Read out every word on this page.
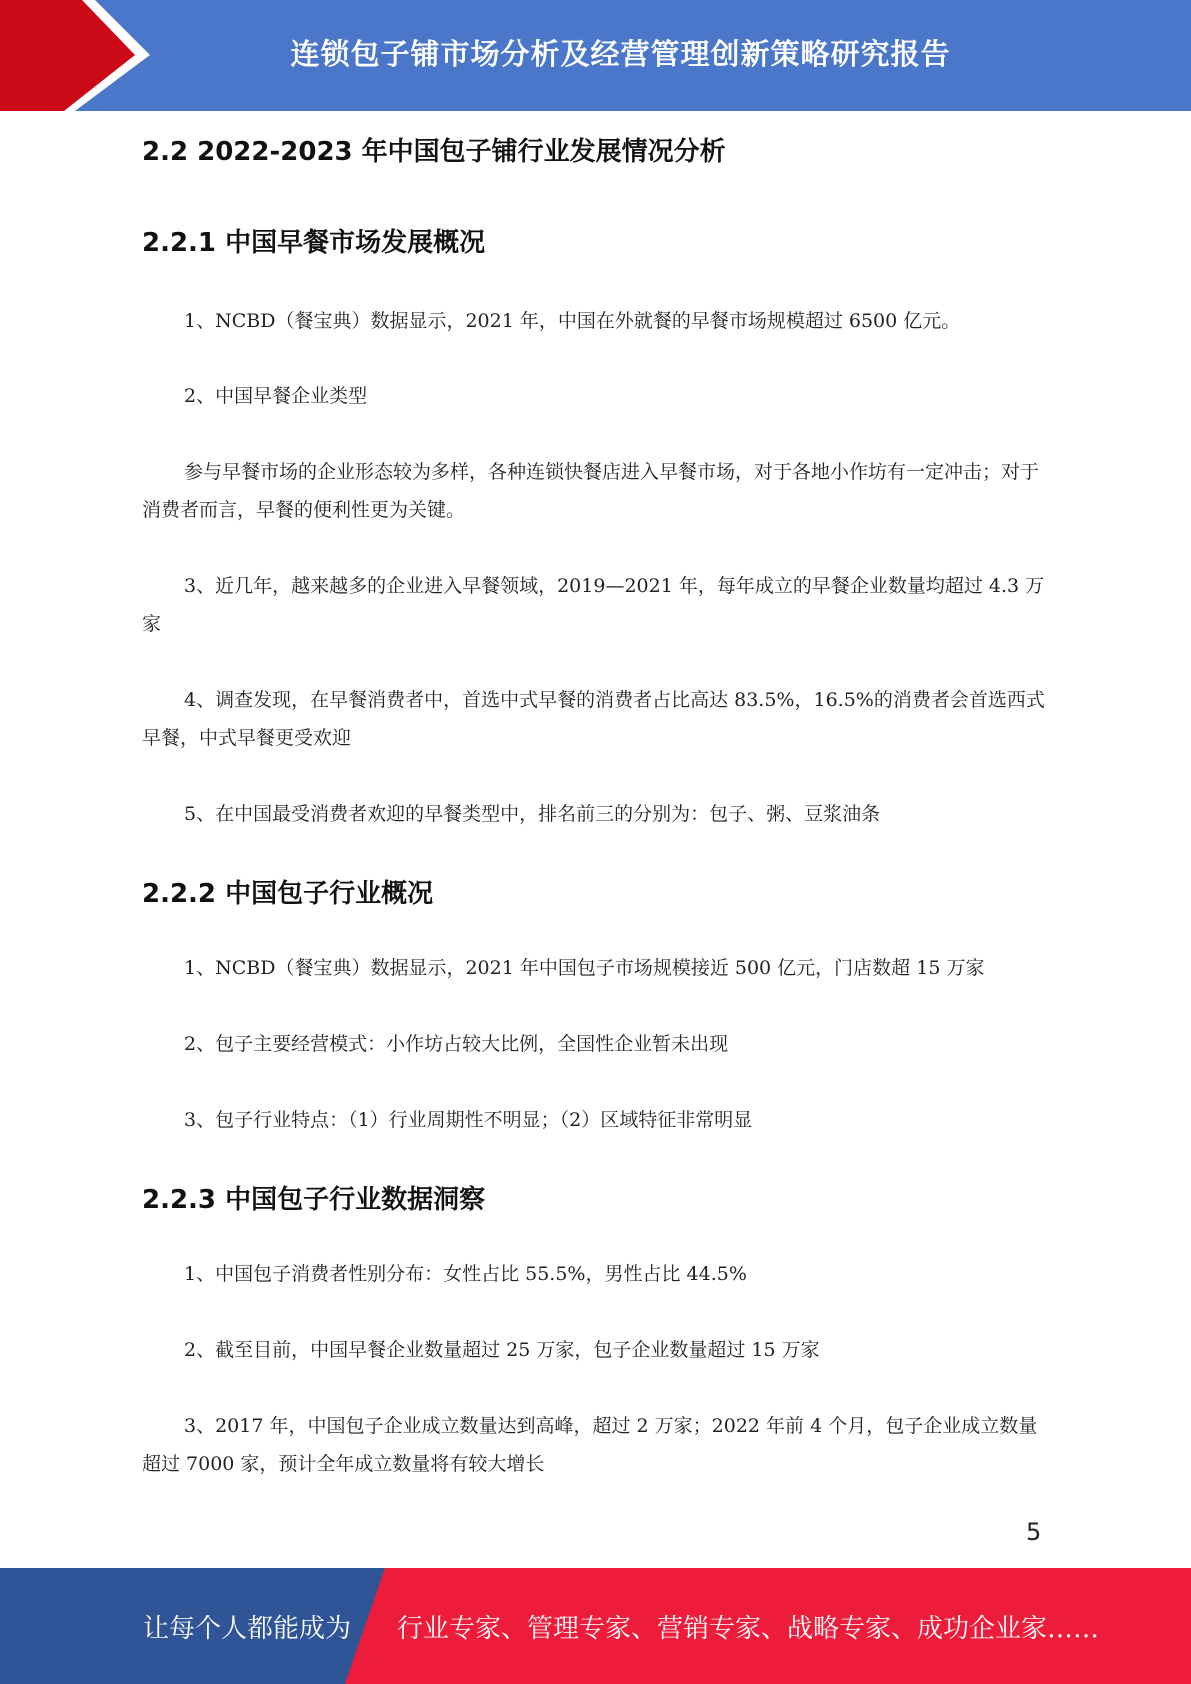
连锁包子铺市场分析及经营管理创新策略研究报告
2.2 2022-2023 年中国包子铺行业发展情况分析
2.2.1 中国早餐市场发展概况
1、NCBD（餐宝典）数据显示，2021 年，中国在外就餐的早餐市场规模超过 6500 亿元。
2、中国早餐企业类型
参与早餐市场的企业形态较为多样，各种连锁快餐店进入早餐市场，对于各地小作坊有一定冲击；对于消费者而言，早餐的便利性更为关键。
3、近几年，越来越多的企业进入早餐领域，2019—2021 年，每年成立的早餐企业数量均超过 4.3 万家
4、调查发现，在早餐消费者中，首选中式早餐的消费者占比高达 83.5%，16.5%的消费者会首选西式早餐，中式早餐更受欢迎
5、在中国最受消费者欢迎的早餐类型中，排名前三的分别为：包子、粥、豆浆油条
2.2.2 中国包子行业概况
1、NCBD（餐宝典）数据显示，2021 年中国包子市场规模接近 500 亿元，门店数超 15 万家
2、包子主要经营模式：小作坊占较大比例，全国性企业暂未出现
3、包子行业特点：（1）行业周期性不明显；（2）区域特征非常明显
2.2.3 中国包子行业数据洞察
1、中国包子消费者性别分布：女性占比 55.5%，男性占比 44.5%
2、截至目前，中国早餐企业数量超过 25 万家，包子企业数量超过 15 万家
3、2017 年，中国包子企业成立数量达到高峰，超过 2 万家；2022 年前 4 个月，包子企业成立数量超过 7000 家，预计全年成立数量将有较大增长
5
让每个人都能成为 行业专家、管理专家、营销专家、战略专家、成功企业家……
